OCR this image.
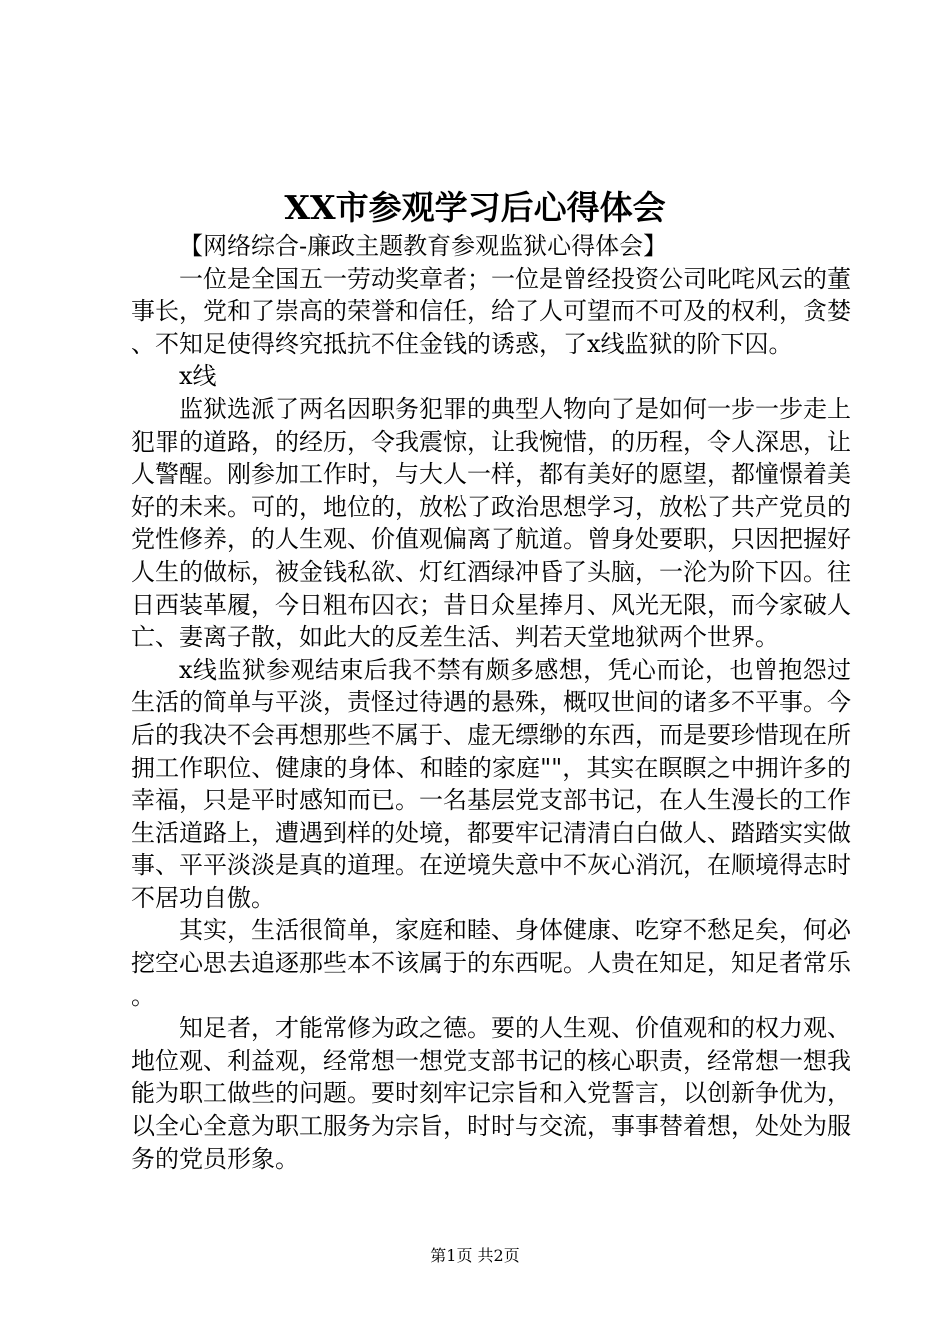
XX市参观学习后心得体会

【网络综合-廉政主题教育参观监狱心得体会】

一位是全国五一劳动奖章者；一位是曾经投资公司叱咤风云的董事长，党和了崇高的荣誉和信任，给了人可望而不可及的权利，贪婪、不知足使得终究抵抗不住金钱的诱惑，了x线监狱的阶下囚。

x线

监狱选派了两名因职务犯罪的典型人物向了是如何一步一步走上犯罪的道路，的经历，令我震惊，让我惋惜，的历程，令人深思，让人警醒。刚参加工作时，与大人一样，都有美好的愿望，都憧憬着美好的未来。可的，地位的，放松了政治思想学习，放松了共产党员的党性修养，的人生观、价值观偏离了航道。曾身处要职，只因把握好人生的做标，被金钱私欲、灯红酒绿冲昏了头脑，一沦为阶下囚。往日西装革履，今日粗布囚衣；昔日众星捧月、风光无限，而今家破人亡、妻离子散，如此大的反差生活、判若天堂地狱两个世界。

x线监狱参观结束后我不禁有颇多感想，凭心而论，也曾抱怨过生活的简单与平淡，责怪过待遇的悬殊，概叹世间的诸多不平事。今后的我决不会再想那些不属于、虚无缥缈的东西，而是要珍惜现在所拥工作职位、健康的身体、和睦的家庭""，其实在瞑瞑之中拥许多的幸福，只是平时感知而已。一名基层党支部书记，在人生漫长的工作生活道路上，遭遇到样的处境，都要牢记清清白白做人、踏踏实实做事、平平淡淡是真的道理。在逆境失意中不灰心消沉，在顺境得志时不居功自傲。

其实，生活很简单，家庭和睦、身体健康、吃穿不愁足矣，何必挖空心思去追逐那些本不该属于的东西呢。人贵在知足，知足者常乐。

知足者，才能常修为政之德。要的人生观、价值观和的权力观、地位观、利益观，经常想一想党支部书记的核心职责，经常想一想我能为职工做些的问题。要时刻牢记宗旨和入党誓言，以创新争优为，以全心全意为职工服务为宗旨，时时与交流，事事替着想，处处为服务的党员形象。

第1页 共2页
